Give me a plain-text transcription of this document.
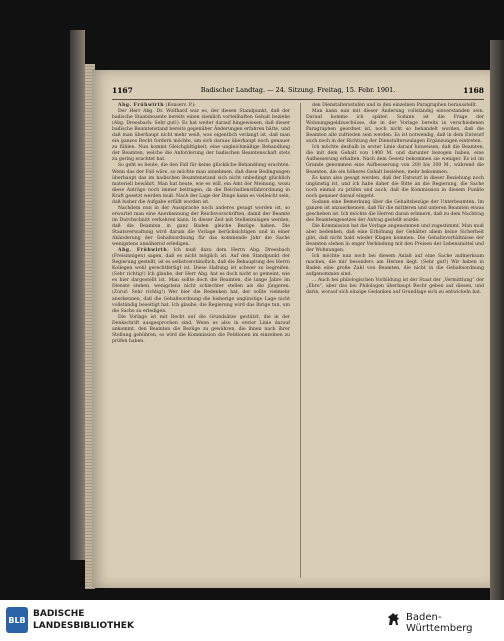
1167	Badischer Landtag. — 24. Sitzung. Freitag, 15. Febr. 1901.	1168

Abg. Frühwirth (Konserv. P.):

Der Herr Abg. Dr. Wolfhard war es, der diesen Standpunkt, daß der badische Staatsbeamte bereits einen ziemlich vorteilhaften Gehalt beziehe (Abg. Dreesbach: Sehr gut!). Es hat weiter darauf hingewiesen, daß dieser badische Beamtenstand bereits gegenüber Änderungen erfahren hätte, und daß man überhaupt nicht mehr weiß, was eigentlich verlangt ist, daß man ein ganzes Recht fordern möchte, um sich daraus überhaupt noch genauer zu fühlen. Nun kommt Gleichgültigkeit, eine ungleichmäßige Behandlung der Beamten, welche die Anforderung der badischen Beamtenschaft stets zu gering erachtet hat.

So geht es heute, die den Fall für keine glückliche Behandlung erachten. Wenn das der Fall wäre, so möchte man annehmen, daß diese Bedingungen überhaupt das im badischen Beamtenstand sich nicht unbedingt glücklich materiell bewährt. Man hat heute, wie es will, ein Amt der Meinung, wozu diese Anträge noch immer beitragen, da die Reichsdienstfahrordnung in Kraft gesetzt werden muß. Nach der Lage der Dinge kann es vielleicht sein, daß bisher die Aufgabe erfüllt worden ist.

Nachdem nun in der Aussprache noch anderes gesagt worden ist, so erwartet man eine Anerkennung der Reichsvorschriften, damit der Beamte im Durchschnitt verkehren kann. In dieser Zeit mit Stellenzulagen werden, daß die Beamten in ganz Baden gleiche Bezüge haben. Die Staatsverwaltung wird darum die Vorlage berücksichtigen und in einer Abänderung der Gehaltsordnung für das kommende Jahr die Sache wenigstens annähernd erledigen.

Abg. Frühwirth: Ich muß dazu dem Herrn Abg. Dreesbach (Freisinnigen) sagen, daß es nicht möglich ist. Auf den Standpunkt der Regierung gestellt, ist es selbstverständlich, daß die Behauptung des Herrn Kollegen wohl gerechtfertigt ist. Diese Haltung ist schwer zu begreifen. (Sehr richtig!) Ich glaube, der Herr Abg. hat es doch nicht so gemeint, wie es hier dargestellt ist. Man sollte doch die Beamten, die lange Jahre im Dienste stehen, wenigstens nicht schlechter stellen als die jüngeren. (Zuruf: Sehr richtig!) Wer hier die Bedenken hat, der sollte vielmehr anerkennen, daß die Gehaltsordnung die bisherige ungünstige Lage nicht vollständig beseitigt hat. Ich glaube, die Regierung wird das Ihrige tun, um die Sache zu erledigen.

Die Vorlage ist mit Recht auf die Grundsätze gestützt, die in der Denkschrift ausgesprochen sind. Wenn es also in erster Linie darauf ankommt, den Beamten die Bezüge zu gewähren, die ihnen nach ihrer Stellung gebühren, so wird die Kommission die Petitionen im einzelnen zu prüfen haben.

den Dienstaltersstufen und in den einzelnen Paragraphen herausstellt.

Man kann nun mit dieser Änderung vollständig einverstanden sein. Darauf komme ich später. Sodann ist die Frage der Wohnungsgeldzuschüsse, die in der Vorlage bereits in verschiedenen Paragraphen geordnet ist, noch nicht so behandelt worden, daß die Beamten alle zufrieden sein werden. Es ist notwendig, daß in dem Entwurf auch noch in der Richtung der Dienstalterszulagen Ergänzungen eintreten.

Ich möchte deshalb in erster Linie darauf hinweisen, daß die Beamten, die mit dem Gehalt von 1400 M. und darunter bezogen haben, eine Aufbesserung erhalten. Nach dem Gesetz bekommen sie weniger. Es ist im Grunde genommen eine Aufbesserung von 200 bis 300 M., während die Beamten, die ein höheres Gehalt beziehen, mehr bekommen.

Es kann also gesagt werden, daß der Entwurf in dieser Beziehung noch ungünstig ist, und ich habe daher die Bitte an die Regierung, die Sache noch einmal zu prüfen und auch, daß die Kommission in diesem Punkte noch genauer darauf eingeht.

Sodann eine Bemerkung über die Gehaltsbezüge der Unterbeamten. Im ganzen ist anzuerkennen, daß für die mittleren und unteren Beamten etwas geschehen ist. Ich möchte die Herren daran erinnern, daß zu dem Nachtrag des Beamtengesetzes der Antrag gestellt wurde.

Die Kommission hat die Vorlage angenommen und zugestimmt. Man muß aber bedenken, daß eine Erhöhung der Gehälter allein keine Sicherheit gibt, daß nicht bald wieder Klagen kommen. Die Gehaltsverhältnisse der Beamten stehen in enger Verbindung mit den Preisen der Lebensmittel und der Wohnungen.

Ich möchte nun noch bei diesem Anlaß auf eine Sache aufmerksam machen, die mir besonders am Herzen liegt. (Sehr gut!) Wir haben in Baden eine große Zahl von Beamten, die nicht in die Gehaltsordnung aufgenommen sind.

... Auch bei philologischen Vorbildung ist der Staat der „Vermittlung“ der „Ehre“, aber das bei Philologen überhaupt Recht geben auf diesen, und darin, worauf sich einzige Gedanken auf Grundlage sich zu entwickeln hat.

BLB
BADISCHE
LANDESBIBLIOTHEK
Baden-Württemberg
